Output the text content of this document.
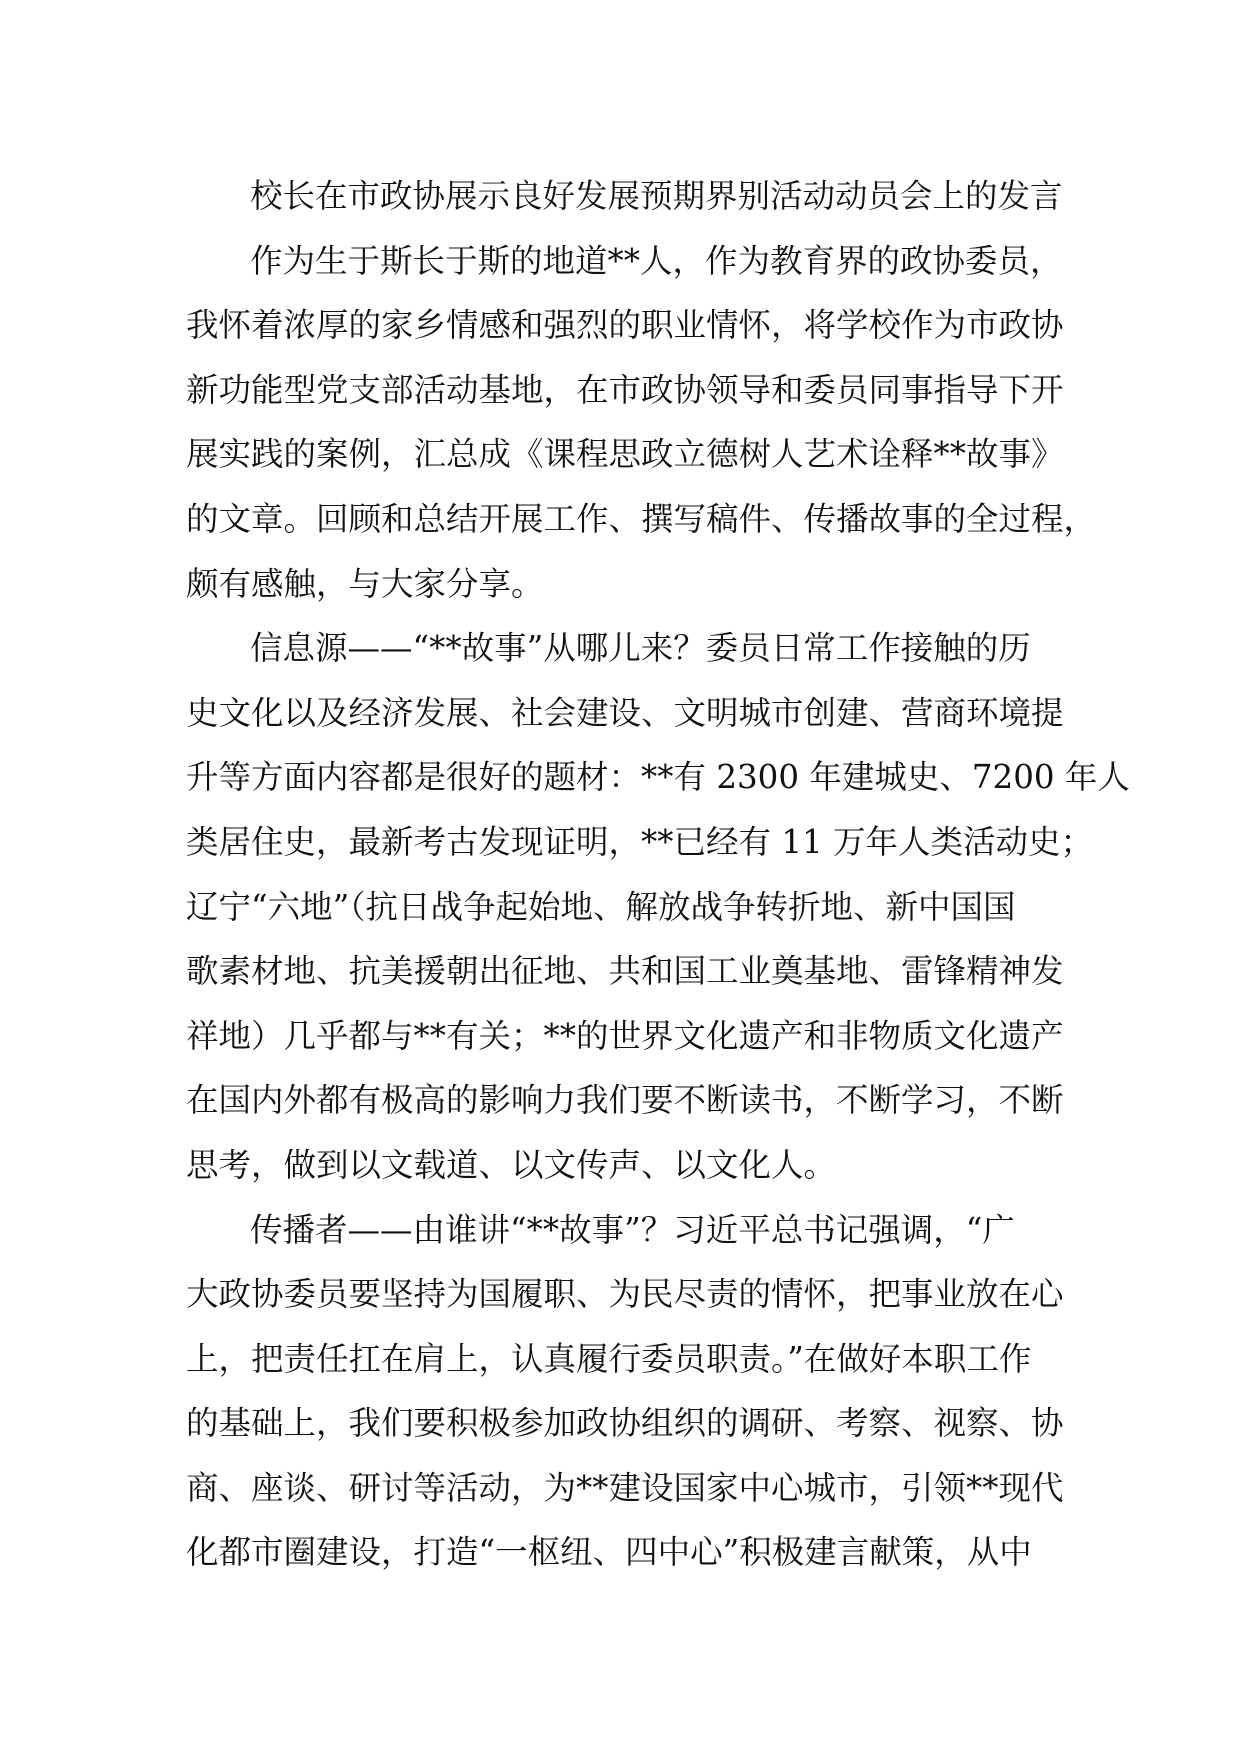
校长在市政协展示良好发展预期界别活动动员会上的发言

作为生于斯长于斯的地道**人，作为教育界的政协委员，
我怀着浓厚的家乡情感和强烈的职业情怀，将学校作为市政协
新功能型党支部活动基地，在市政协领导和委员同事指导下开
展实践的案例，汇总成《课程思政立德树人艺术诠释**故事》
的文章。回顾和总结开展工作、撰写稿件、传播故事的全过程，
颇有感触，与大家分享。

信息源——“**故事”从哪儿来？委员日常工作接触的历
史文化以及经济发展、社会建设、文明城市创建、营商环境提
升等方面内容都是很好的题材：**有 2300 年建城史、7200 年人
类居住史，最新考古发现证明，**已经有 11 万年人类活动史；
辽宁“六地”（抗日战争起始地、解放战争转折地、新中国国
歌素材地、抗美援朝出征地、共和国工业奠基地、雷锋精神发
祥地）几乎都与**有关；**的世界文化遗产和非物质文化遗产
在国内外都有极高的影响力我们要不断读书，不断学习，不断
思考，做到以文载道、以文传声、以文化人。

传播者——由谁讲“**故事”？习近平总书记强调，“广
大政协委员要坚持为国履职、为民尽责的情怀，把事业放在心
上，把责任扛在肩上，认真履行委员职责。”在做好本职工作
的基础上，我们要积极参加政协组织的调研、考察、视察、协
商、座谈、研讨等活动，为**建设国家中心城市，引领**现代
化都市圈建设，打造“一枢纽、四中心”积极建言献策，从中
